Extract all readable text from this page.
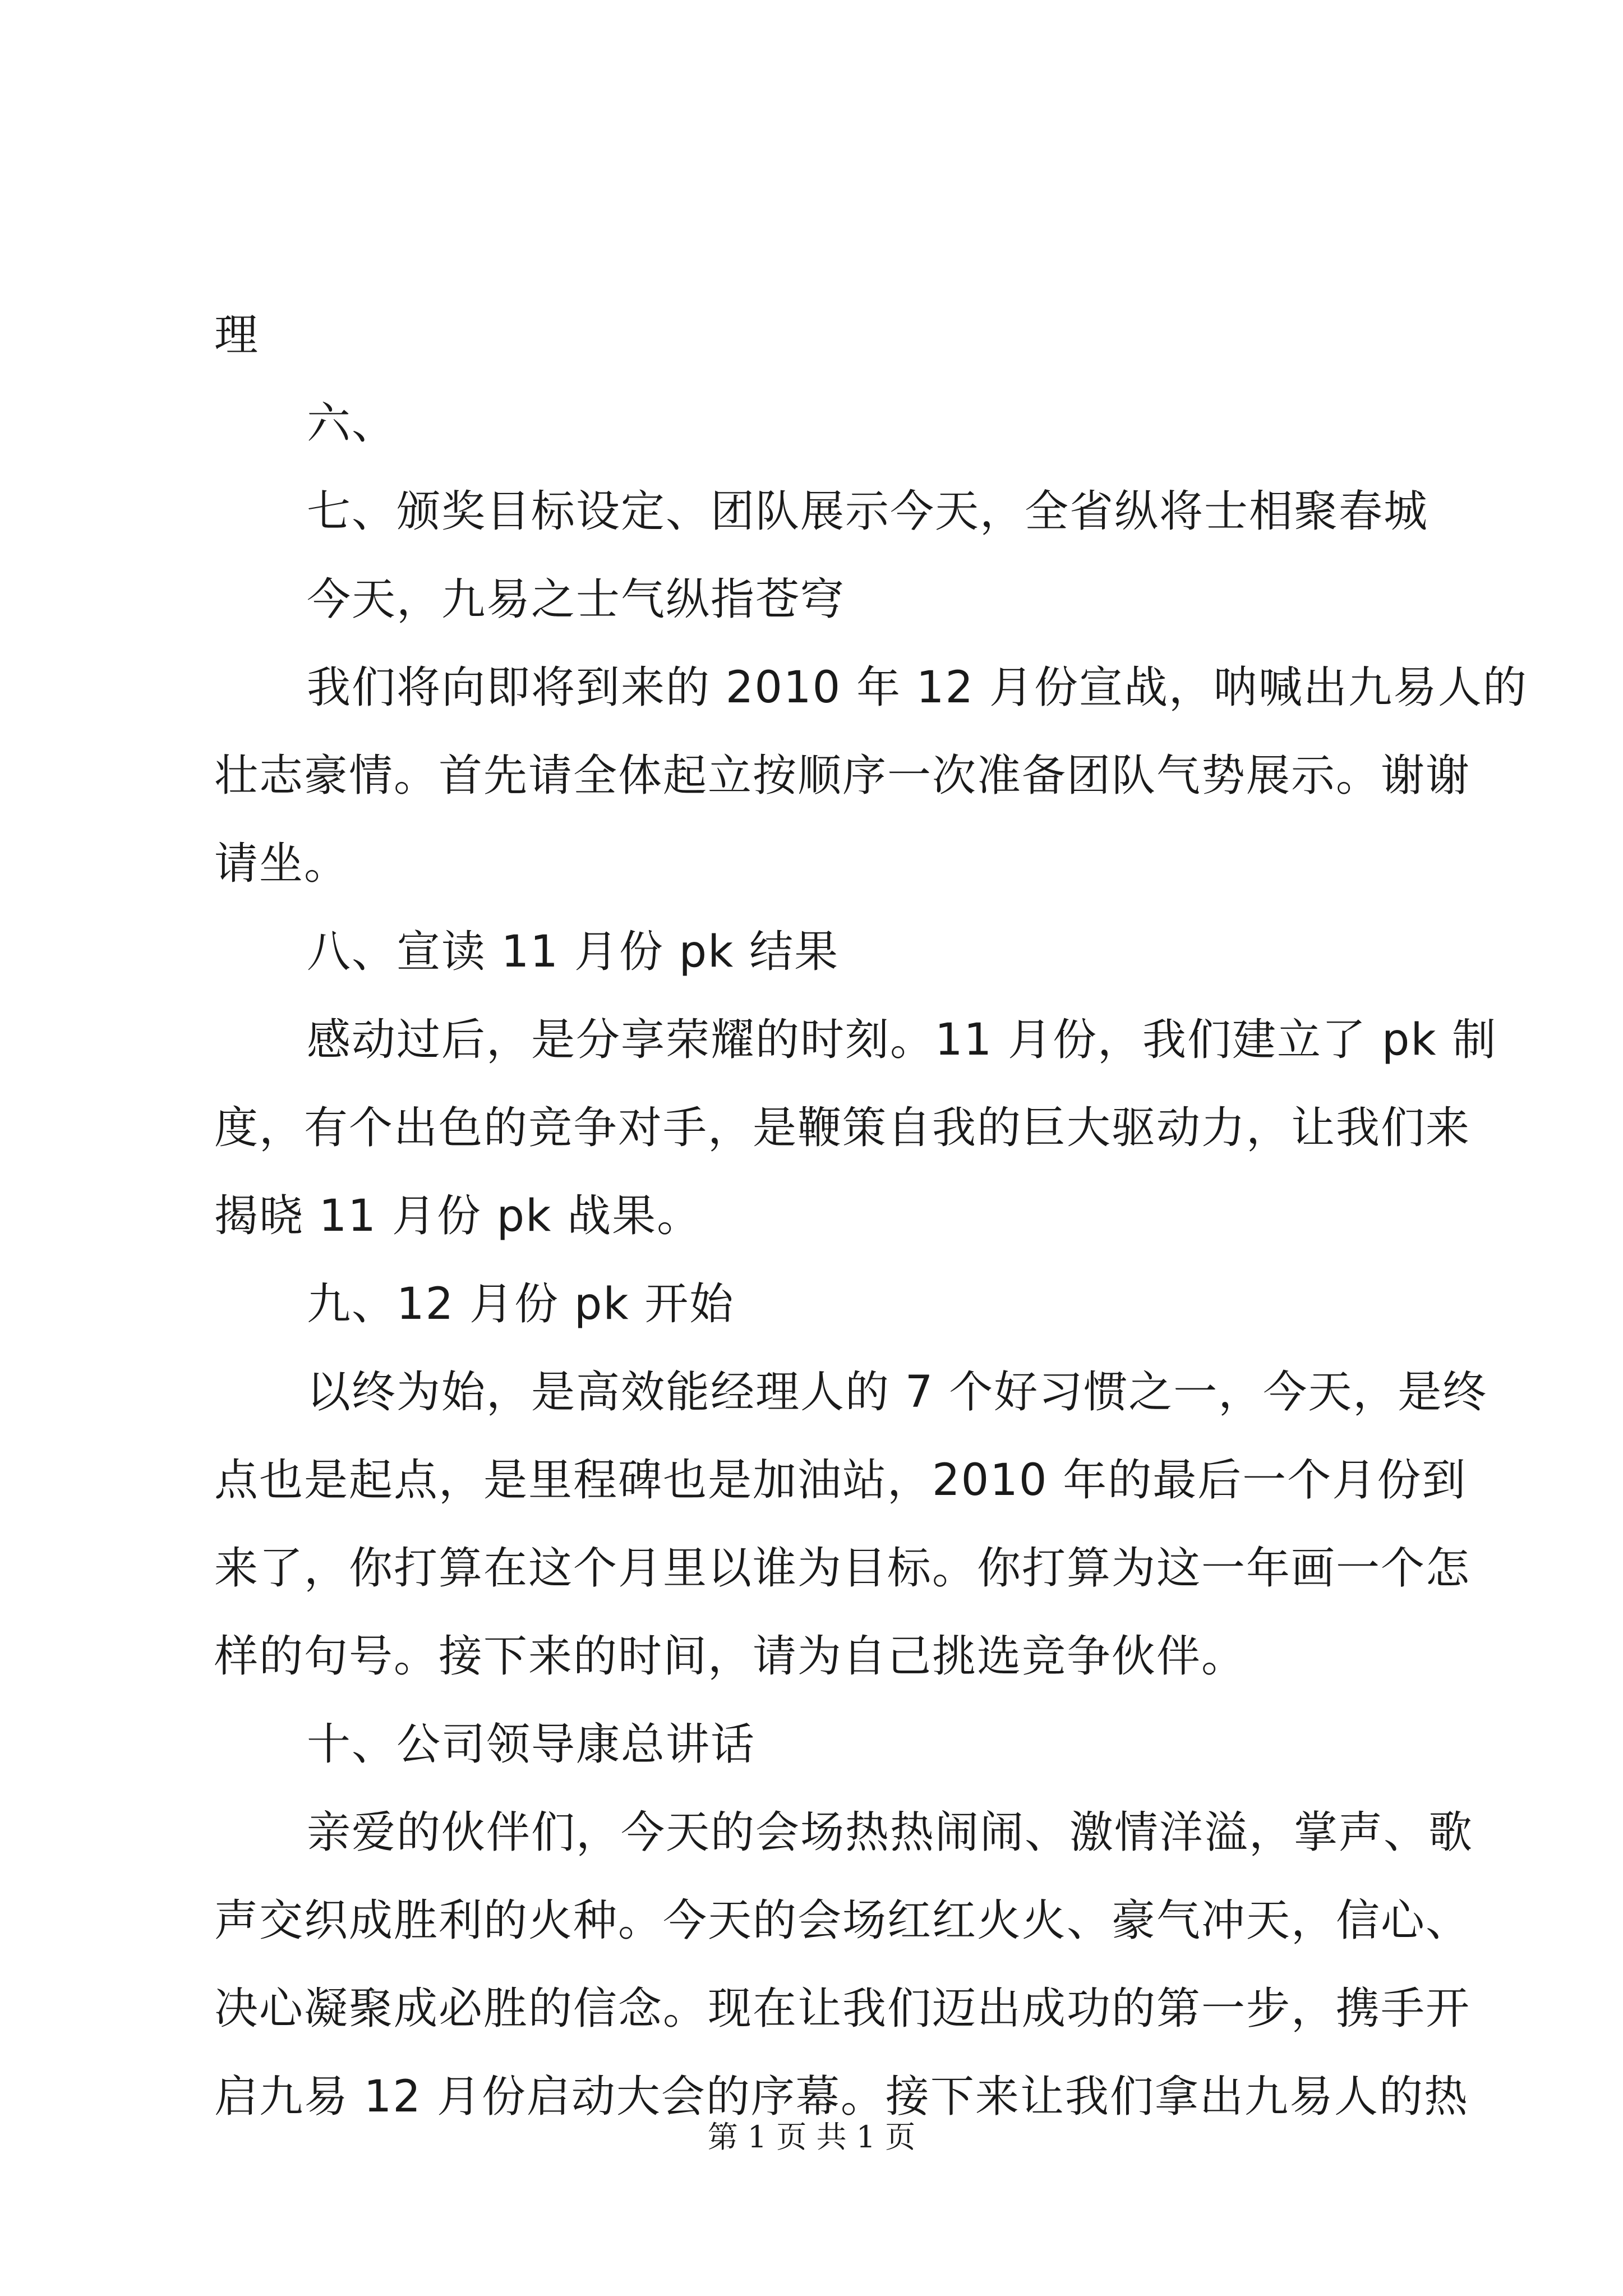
理

六、

七、颁奖目标设定、团队展示今天，全省纵将士相聚春城

今天，九易之士气纵指苍穹

我们将向即将到来的 2010 年 12 月份宣战，呐喊出九易人的

壮志豪情。首先请全体起立按顺序一次准备团队气势展示。谢谢

请坐。

八、宣读 11 月份 pk 结果

感动过后，是分享荣耀的时刻。11 月份，我们建立了 pk 制

度，有个出色的竞争对手，是鞭策自我的巨大驱动力，让我们来

揭晓 11 月份 pk 战果。

九、12 月份 pk 开始

以终为始，是高效能经理人的 7 个好习惯之一，今天，是终

点也是起点，是里程碑也是加油站，2010 年的最后一个月份到

来了，你打算在这个月里以谁为目标。你打算为这一年画一个怎

样的句号。接下来的时间，请为自己挑选竞争伙伴。

十、公司领导康总讲话

亲爱的伙伴们，今天的会场热热闹闹、激情洋溢，掌声、歌

声交织成胜利的火种。今天的会场红红火火、豪气冲天，信心、

决心凝聚成必胜的信念。现在让我们迈出成功的第一步，携手开

启九易 12 月份启动大会的序幕。接下来让我们拿出九易人的热

第 1 页 共 1 页
